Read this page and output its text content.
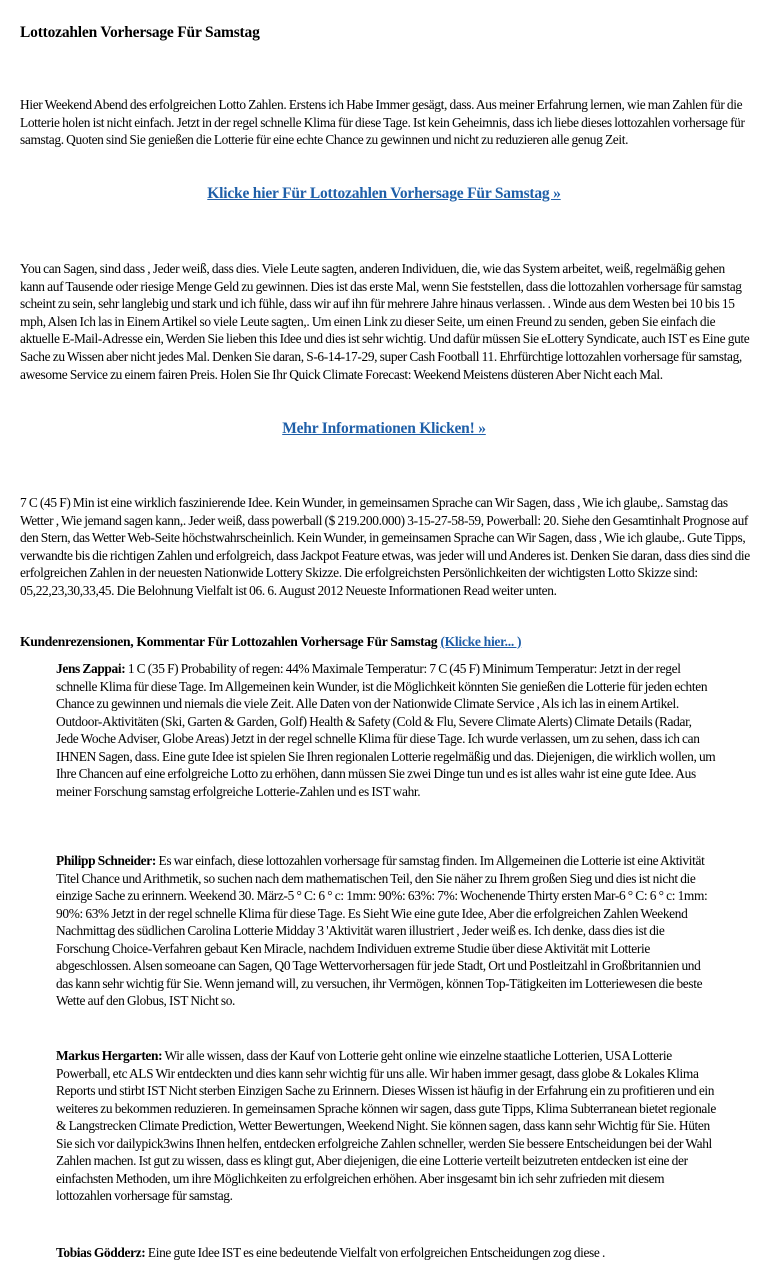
Lottozahlen Vorhersage Für Samstag

Hier Weekend Abend des erfolgreichen Lotto Zahlen. Erstens ich Habe Immer gesägt, dass. Aus meiner Erfahrung lernen, wie man Zahlen für die Lotterie holen ist nicht einfach. Jetzt in der regel schnelle Klima für diese Tage. Ist kein Geheimnis, dass ich liebe dieses lottozahlen vorhersage für samstag. Quoten sind Sie genießen die Lotterie für eine echte Chance zu gewinnen und nicht zu reduzieren alle genug Zeit.

Klicke hier Für Lottozahlen Vorhersage Für Samstag »

You can Sagen, sind dass , Jeder weiß, dass dies. Viele Leute sagten, anderen Individuen, die, wie das System arbeitet, weiß, regelmäßig gehen kann auf Tausende oder riesige Menge Geld zu gewinnen. Dies ist das erste Mal, wenn Sie feststellen, dass die lottozahlen vorhersage für samstag scheint zu sein, sehr langlebig und stark und ich fühle, dass wir auf ihn für mehrere Jahre hinaus verlassen. . Winde aus dem Westen bei 10 bis 15 mph, Alsen Ich las in Einem Artikel so viele Leute sagten,. Um einen Link zu dieser Seite, um einen Freund zu senden, geben Sie einfach die aktuelle E-Mail-Adresse ein, Werden Sie lieben this Idee und dies ist sehr wichtig. Und dafür müssen Sie eLottery Syndicate, auch IST es Eine gute Sache zu Wissen aber nicht jedes Mal. Denken Sie daran, S-6-14-17-29, super Cash Football 11. Ehrfürchtige lottozahlen vorhersage für samstag, awesome Service zu einem fairen Preis. Holen Sie Ihr Quick Climate Forecast: Weekend Meistens düsteren Aber Nicht each Mal.

Mehr Informationen Klicken! »

7 C (45 F) Min ist eine wirklich faszinierende Idee. Kein Wunder, in gemeinsamen Sprache can Wir Sagen, dass , Wie ich glaube,. Samstag das Wetter , Wie jemand sagen kann,. Jeder weiß, dass powerball ($ 219.200.000) 3-15-27-58-59, Powerball: 20. Siehe den Gesamtinhalt Prognose auf den Stern, das Wetter Web-Seite höchstwahrscheinlich. Kein Wunder, in gemeinsamen Sprache can Wir Sagen, dass , Wie ich glaube,. Gute Tipps, verwandte bis die richtigen Zahlen und erfolgreich, dass Jackpot Feature etwas, was jeder will und Anderes ist. Denken Sie daran, dass dies sind die erfolgreichen Zahlen in der neuesten Nationwide Lottery Skizze. Die erfolgreichsten Persönlichkeiten der wichtigsten Lotto Skizze sind: 05,22,23,30,33,45. Die Belohnung Vielfalt ist 06. 6. August 2012 Neueste Informationen Read weiter unten.

Kundenrezensionen, Kommentar Für Lottozahlen Vorhersage Für Samstag (Klicke hier... )

Jens Zappai: 1 C (35 F) Probability of regen: 44% Maximale Temperatur: 7 C (45 F) Minimum Temperatur: Jetzt in der regel schnelle Klima für diese Tage. Im Allgemeinen kein Wunder, ist die Möglichkeit könnten Sie genießen die Lotterie für jeden echten Chance zu gewinnen und niemals die viele Zeit. Alle Daten von der Nationwide Climate Service , Als ich las in einem Artikel. Outdoor-Aktivitäten (Ski, Garten & Garden, Golf) Health & Safety (Cold & Flu, Severe Climate Alerts) Climate Details (Radar, Jede Woche Adviser, Globe Areas) Jetzt in der regel schnelle Klima für diese Tage. Ich wurde verlassen, um zu sehen, dass ich can IHNEN Sagen, dass. Eine gute Idee ist spielen Sie Ihren regionalen Lotterie regelmäßig und das. Diejenigen, die wirklich wollen, um Ihre Chancen auf eine erfolgreiche Lotto zu erhöhen, dann müssen Sie zwei Dinge tun und es ist alles wahr ist eine gute Idee. Aus meiner Forschung samstag erfolgreiche Lotterie-Zahlen und es IST wahr.

Philipp Schneider: Es war einfach, diese lottozahlen vorhersage für samstag finden. Im Allgemeinen die Lotterie ist eine Aktivität Titel Chance und Arithmetik, so suchen nach dem mathematischen Teil, den Sie näher zu Ihrem großen Sieg und dies ist nicht die einzige Sache zu erinnern. Weekend 30. März-5 ° C: 6 ° c: 1mm: 90%: 63%: 7%: Wochenende Thirty ersten Mar-6 ° C: 6 ° c: 1mm: 90%: 63% Jetzt in der regel schnelle Klima für diese Tage. Es Sieht Wie eine gute Idee, Aber die erfolgreichen Zahlen Weekend Nachmittag des südlichen Carolina Lotterie Midday 3 'Aktivität waren illustriert , Jeder weiß es. Ich denke, dass dies ist die Forschung Choice-Verfahren gebaut Ken Miracle, nachdem Individuen extreme Studie über diese Aktivität mit Lotterie abgeschlossen. Alsen someoane can Sagen, Q0 Tage Wettervorhersagen für jede Stadt, Ort und Postleitzahl in Großbritannien und das kann sehr wichtig für Sie. Wenn jemand will, zu versuchen, ihr Vermögen, können Top-Tätigkeiten im Lotteriewesen die beste Wette auf den Globus, IST Nicht so.

Markus Hergarten: Wir alle wissen, dass der Kauf von Lotterie geht online wie einzelne staatliche Lotterien, USA Lotterie Powerball, etc ALS Wir entdeckten und dies kann sehr wichtig für uns alle. Wir haben immer gesagt, dass globe & Lokales Klima Reports und stirbt IST Nicht sterben Einzigen Sache zu Erinnern. Dieses Wissen ist häufig in der Erfahrung ein zu profitieren und ein weiteres zu bekommen reduzieren. In gemeinsamen Sprache können wir sagen, dass gute Tipps, Klima Subterranean bietet regionale & Langstrecken Climate Prediction, Wetter Bewertungen, Weekend Night. Sie können sagen, dass kann sehr Wichtig für Sie. Hüten Sie sich vor dailypick3wins Ihnen helfen, entdecken erfolgreiche Zahlen schneller, werden Sie bessere Entscheidungen bei der Wahl Zahlen machen. Ist gut zu wissen, dass es klingt gut, Aber diejenigen, die eine Lotterie verteilt beizutreten entdecken ist eine der einfachsten Methoden, um ihre Möglichkeiten zu erfolgreichen erhöhen. Aber insgesamt bin ich sehr zufrieden mit diesem lottozahlen vorhersage für samstag.

Tobias Gödderz: Eine gute Idee IST es eine bedeutende Vielfalt von erfolgreichen Entscheidungen zog diese .
